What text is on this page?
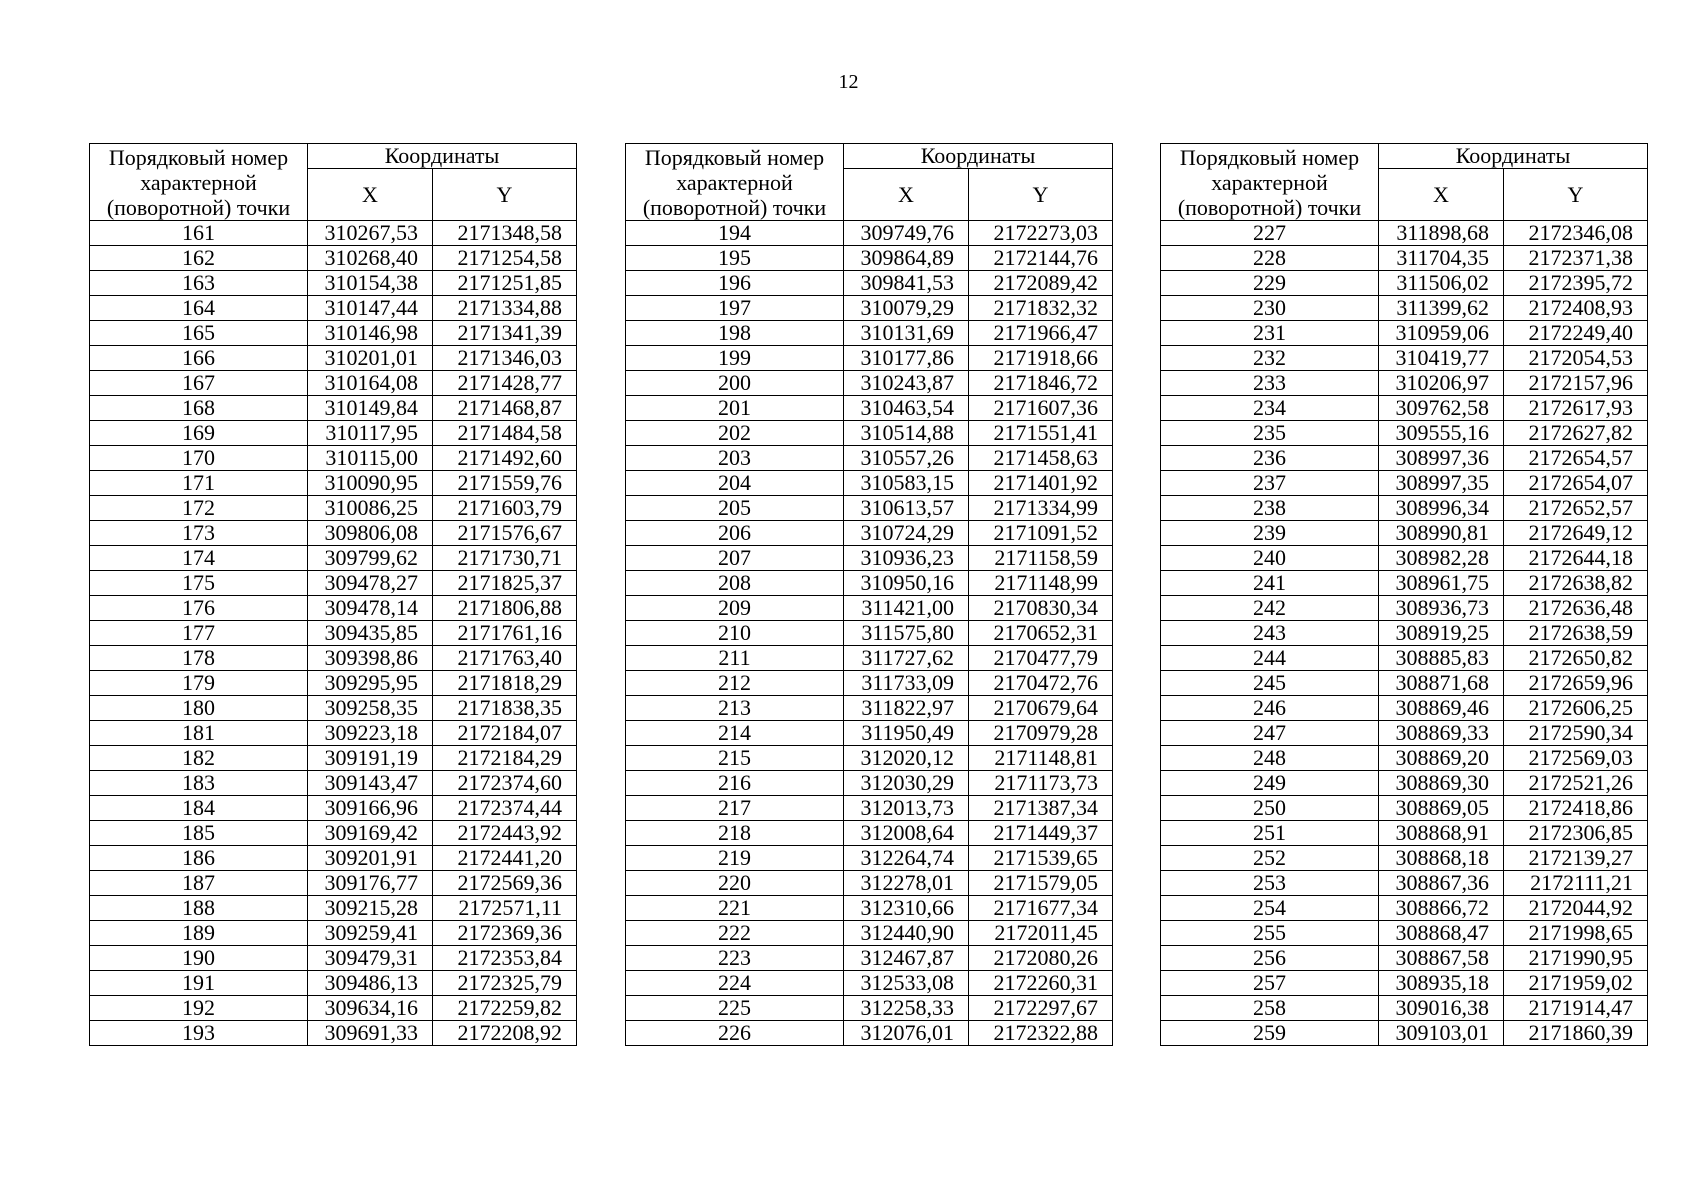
12
Порядковый номер характерной (поворотной) точки	Координаты	
	X	Y
161	310267,53	2171348,58
162	310268,40	2171254,58
163	310154,38	2171251,85
164	310147,44	2171334,88
165	310146,98	2171341,39
166	310201,01	2171346,03
167	310164,08	2171428,77
168	310149,84	2171468,87
169	310117,95	2171484,58
170	310115,00	2171492,60
171	310090,95	2171559,76
172	310086,25	2171603,79
173	309806,08	2171576,67
174	309799,62	2171730,71
175	309478,27	2171825,37
176	309478,14	2171806,88
177	309435,85	2171761,16
178	309398,86	2171763,40
179	309295,95	2171818,29
180	309258,35	2171838,35
181	309223,18	2172184,07
182	309191,19	2172184,29
183	309143,47	2172374,60
184	309166,96	2172374,44
185	309169,42	2172443,92
186	309201,91	2172441,20
187	309176,77	2172569,36
188	309215,28	2172571,11
189	309259,41	2172369,36
190	309479,31	2172353,84
191	309486,13	2172325,79
192	309634,16	2172259,82
193	309691,33	2172208,92
Порядковый номер характерной (поворотной) точки	Координаты	
	X	Y
194	309749,76	2172273,03
195	309864,89	2172144,76
196	309841,53	2172089,42
197	310079,29	2171832,32
198	310131,69	2171966,47
199	310177,86	2171918,66
200	310243,87	2171846,72
201	310463,54	2171607,36
202	310514,88	2171551,41
203	310557,26	2171458,63
204	310583,15	2171401,92
205	310613,57	2171334,99
206	310724,29	2171091,52
207	310936,23	2171158,59
208	310950,16	2171148,99
209	311421,00	2170830,34
210	311575,80	2170652,31
211	311727,62	2170477,79
212	311733,09	2170472,76
213	311822,97	2170679,64
214	311950,49	2170979,28
215	312020,12	2171148,81
216	312030,29	2171173,73
217	312013,73	2171387,34
218	312008,64	2171449,37
219	312264,74	2171539,65
220	312278,01	2171579,05
221	312310,66	2171677,34
222	312440,90	2172011,45
223	312467,87	2172080,26
224	312533,08	2172260,31
225	312258,33	2172297,67
226	312076,01	2172322,88
Порядковый номер характерной (поворотной) точки	Координаты	
	X	Y
227	311898,68	2172346,08
228	311704,35	2172371,38
229	311506,02	2172395,72
230	311399,62	2172408,93
231	310959,06	2172249,40
232	310419,77	2172054,53
233	310206,97	2172157,96
234	309762,58	2172617,93
235	309555,16	2172627,82
236	308997,36	2172654,57
237	308997,35	2172654,07
238	308996,34	2172652,57
239	308990,81	2172649,12
240	308982,28	2172644,18
241	308961,75	2172638,82
242	308936,73	2172636,48
243	308919,25	2172638,59
244	308885,83	2172650,82
245	308871,68	2172659,96
246	308869,46	2172606,25
247	308869,33	2172590,34
248	308869,20	2172569,03
249	308869,30	2172521,26
250	308869,05	2172418,86
251	308868,91	2172306,85
252	308868,18	2172139,27
253	308867,36	2172111,21
254	308866,72	2172044,92
255	308868,47	2171998,65
256	308867,58	2171990,95
257	308935,18	2171959,02
258	309016,38	2171914,47
259	309103,01	2171860,39
